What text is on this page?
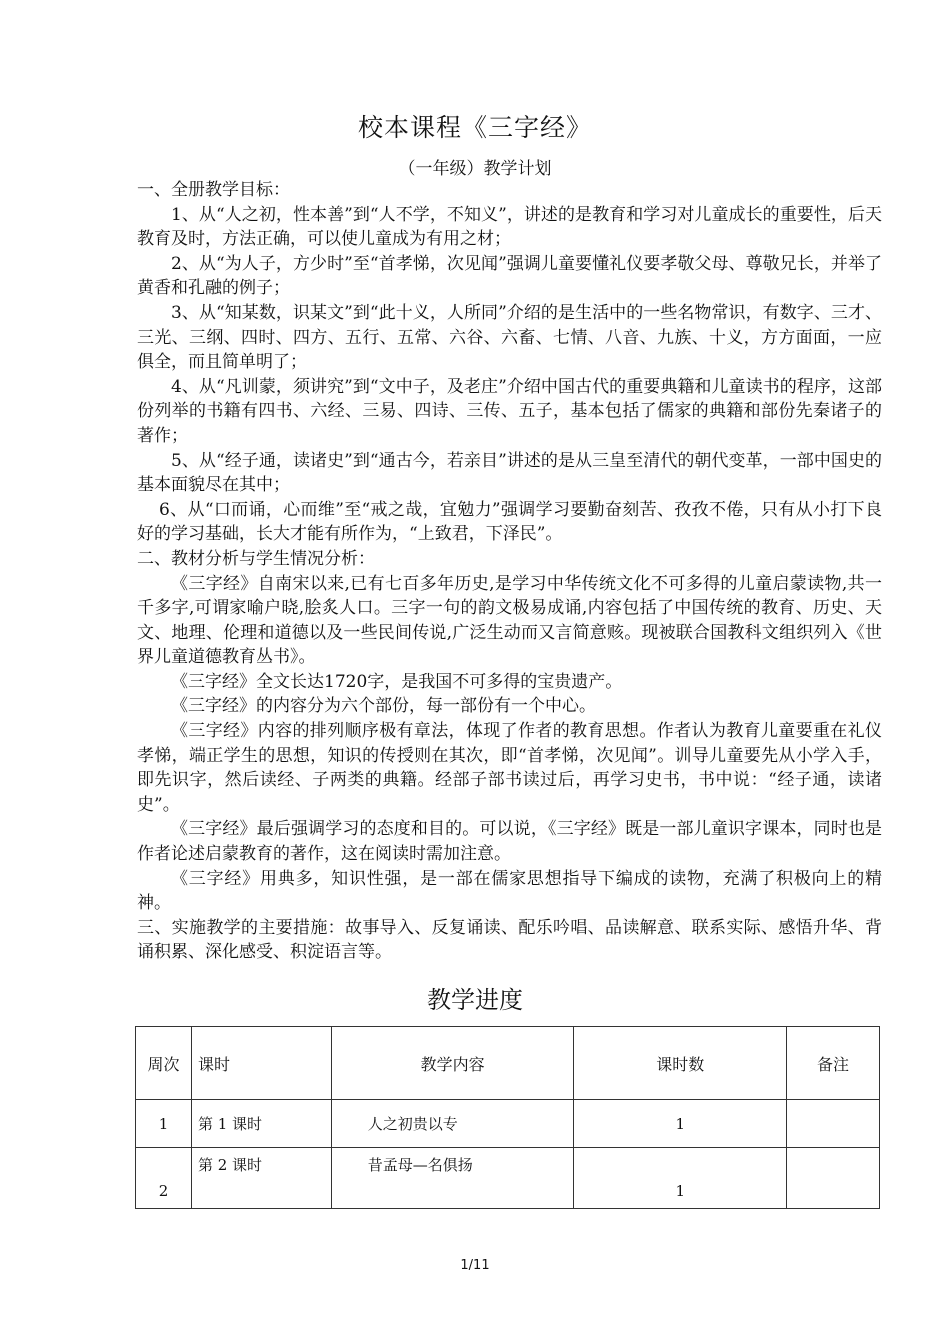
校本课程《三字经》
（一年级）教学计划

一、全册教学目标：

1、从“人之初，性本善”到“人不学，不知义”，讲述的是教育和学习对儿童成长的重要性，后天教育及时，方法正确，可以使儿童成为有用之材；

2、从“为人子，方少时”至“首孝悌，次见闻”强调儿童要懂礼仪要孝敬父母、尊敬兄长，并举了黄香和孔融的例子；

3、从“知某数，识某文”到“此十义，人所同”介绍的是生活中的一些名物常识，有数字、三才、三光、三纲、四时、四方、五行、五常、六谷、六畜、七情、八音、九族、十义，方方面面，一应俱全，而且简单明了；

4、从“凡训蒙，须讲究”到“文中子，及老庄”介绍中国古代的重要典籍和儿童读书的程序，这部份列举的书籍有四书、六经、三易、四诗、三传、五子，基本包括了儒家的典籍和部份先秦诸子的著作；

5、从“经子通，读诸史”到“通古今，若亲目”讲述的是从三皇至清代的朝代变革，一部中国史的基本面貌尽在其中；

6、从“口而诵，心而维”至“戒之哉，宜勉力”强调学习要勤奋刻苦、孜孜不倦，只有从小打下良好的学习基础，长大才能有所作为，“上致君，下泽民”。

二、教材分析与学生情况分析：

《三字经》自南宋以来,已有七百多年历史,是学习中华传统文化不可多得的儿童启蒙读物,共一千多字,可谓家喻户晓,脍炙人口。三字一句的韵文极易成诵,内容包括了中国传统的教育、历史、天文、地理、伦理和道德以及一些民间传说,广泛生动而又言简意赅。现被联合国教科文组织列入《世界儿童道德教育丛书》。

《三字经》全文长达1720字，是我国不可多得的宝贵遗产。

《三字经》的内容分为六个部份，每一部份有一个中心。

《三字经》内容的排列顺序极有章法，体现了作者的教育思想。作者认为教育儿童要重在礼仪孝悌，端正学生的思想，知识的传授则在其次，即“首孝悌，次见闻”。训导儿童要先从小学入手，即先识字，然后读经、子两类的典籍。经部子部书读过后，再学习史书，书中说：“经子通，读诸史”。

《三字经》最后强调学习的态度和目的。可以说，《三字经》既是一部儿童识字课本，同时也是作者论述启蒙教育的著作，这在阅读时需加注意。

《三字经》用典多，知识性强，是一部在儒家思想指导下编成的读物，充满了积极向上的精神。

三、实施教学的主要措施：故事导入、反复诵读、配乐吟唱、品读解意、联系实际、感悟升华、背诵积累、深化感受、积淀语言等。

教学进度
周次	课时	教学内容	课时数	备注
1	第 1 课时	人之初贵以专	1	
2	第 2 课时	昔孟母—名俱扬	1	
1/11
